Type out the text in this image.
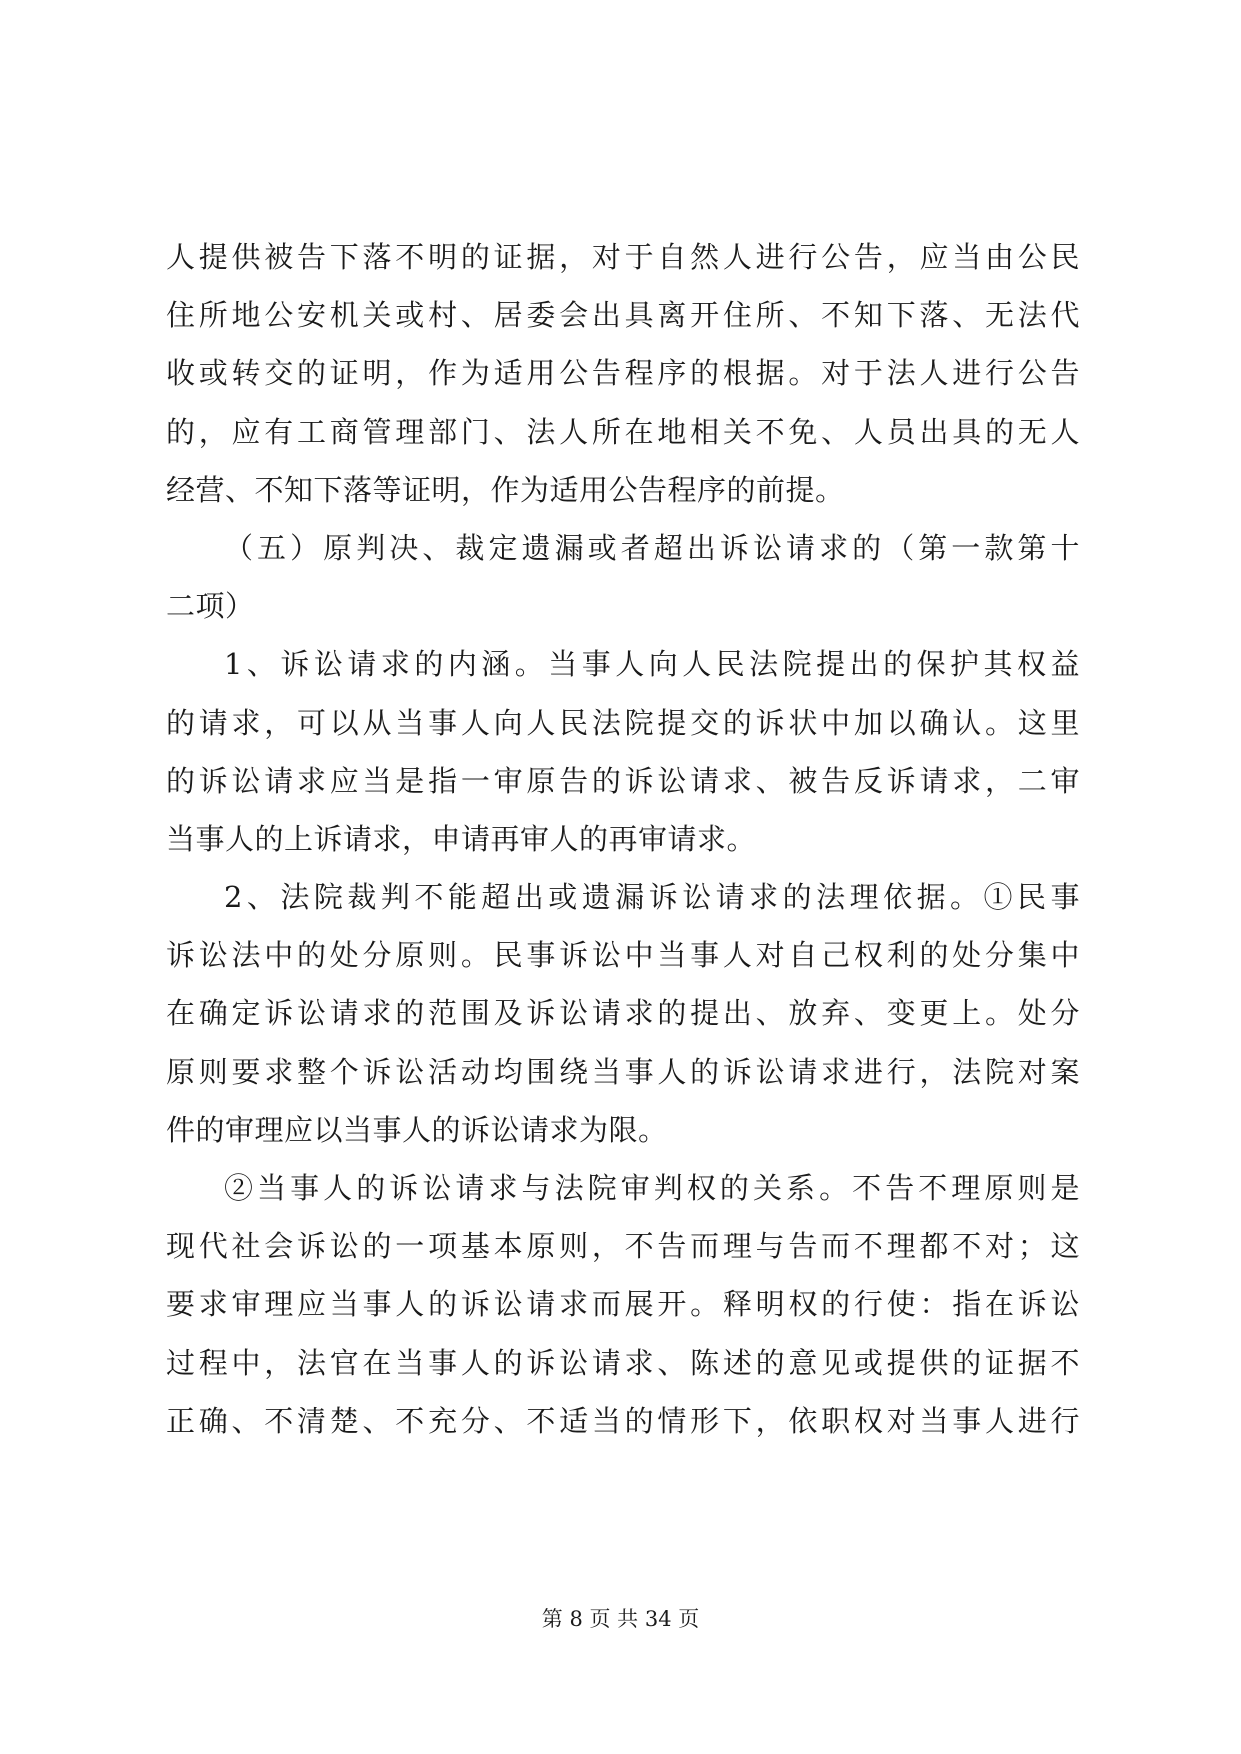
人提供被告下落不明的证据，对于自然人进行公告，应当由公民
住所地公安机关或村、居委会出具离开住所、不知下落、无法代
收或转交的证明，作为适用公告程序的根据。对于法人进行公告
的，应有工商管理部门、法人所在地相关不免、人员出具的无人
经营、不知下落等证明，作为适用公告程序的前提。
（五）原判决、裁定遗漏或者超出诉讼请求的（第一款第十
二项）
1、诉讼请求的内涵。当事人向人民法院提出的保护其权益
的请求，可以从当事人向人民法院提交的诉状中加以确认。这里
的诉讼请求应当是指一审原告的诉讼请求、被告反诉请求，二审
当事人的上诉请求，申请再审人的再审请求。
2、法院裁判不能超出或遗漏诉讼请求的法理依据。①民事
诉讼法中的处分原则。民事诉讼中当事人对自己权利的处分集中
在确定诉讼请求的范围及诉讼请求的提出、放弃、变更上。处分
原则要求整个诉讼活动均围绕当事人的诉讼请求进行，法院对案
件的审理应以当事人的诉讼请求为限。
②当事人的诉讼请求与法院审判权的关系。不告不理原则是
现代社会诉讼的一项基本原则，不告而理与告而不理都不对；这
要求审理应当事人的诉讼请求而展开。释明权的行使：指在诉讼
过程中，法官在当事人的诉讼请求、陈述的意见或提供的证据不
正确、不清楚、不充分、不适当的情形下，依职权对当事人进行
第 8 页 共 34 页
